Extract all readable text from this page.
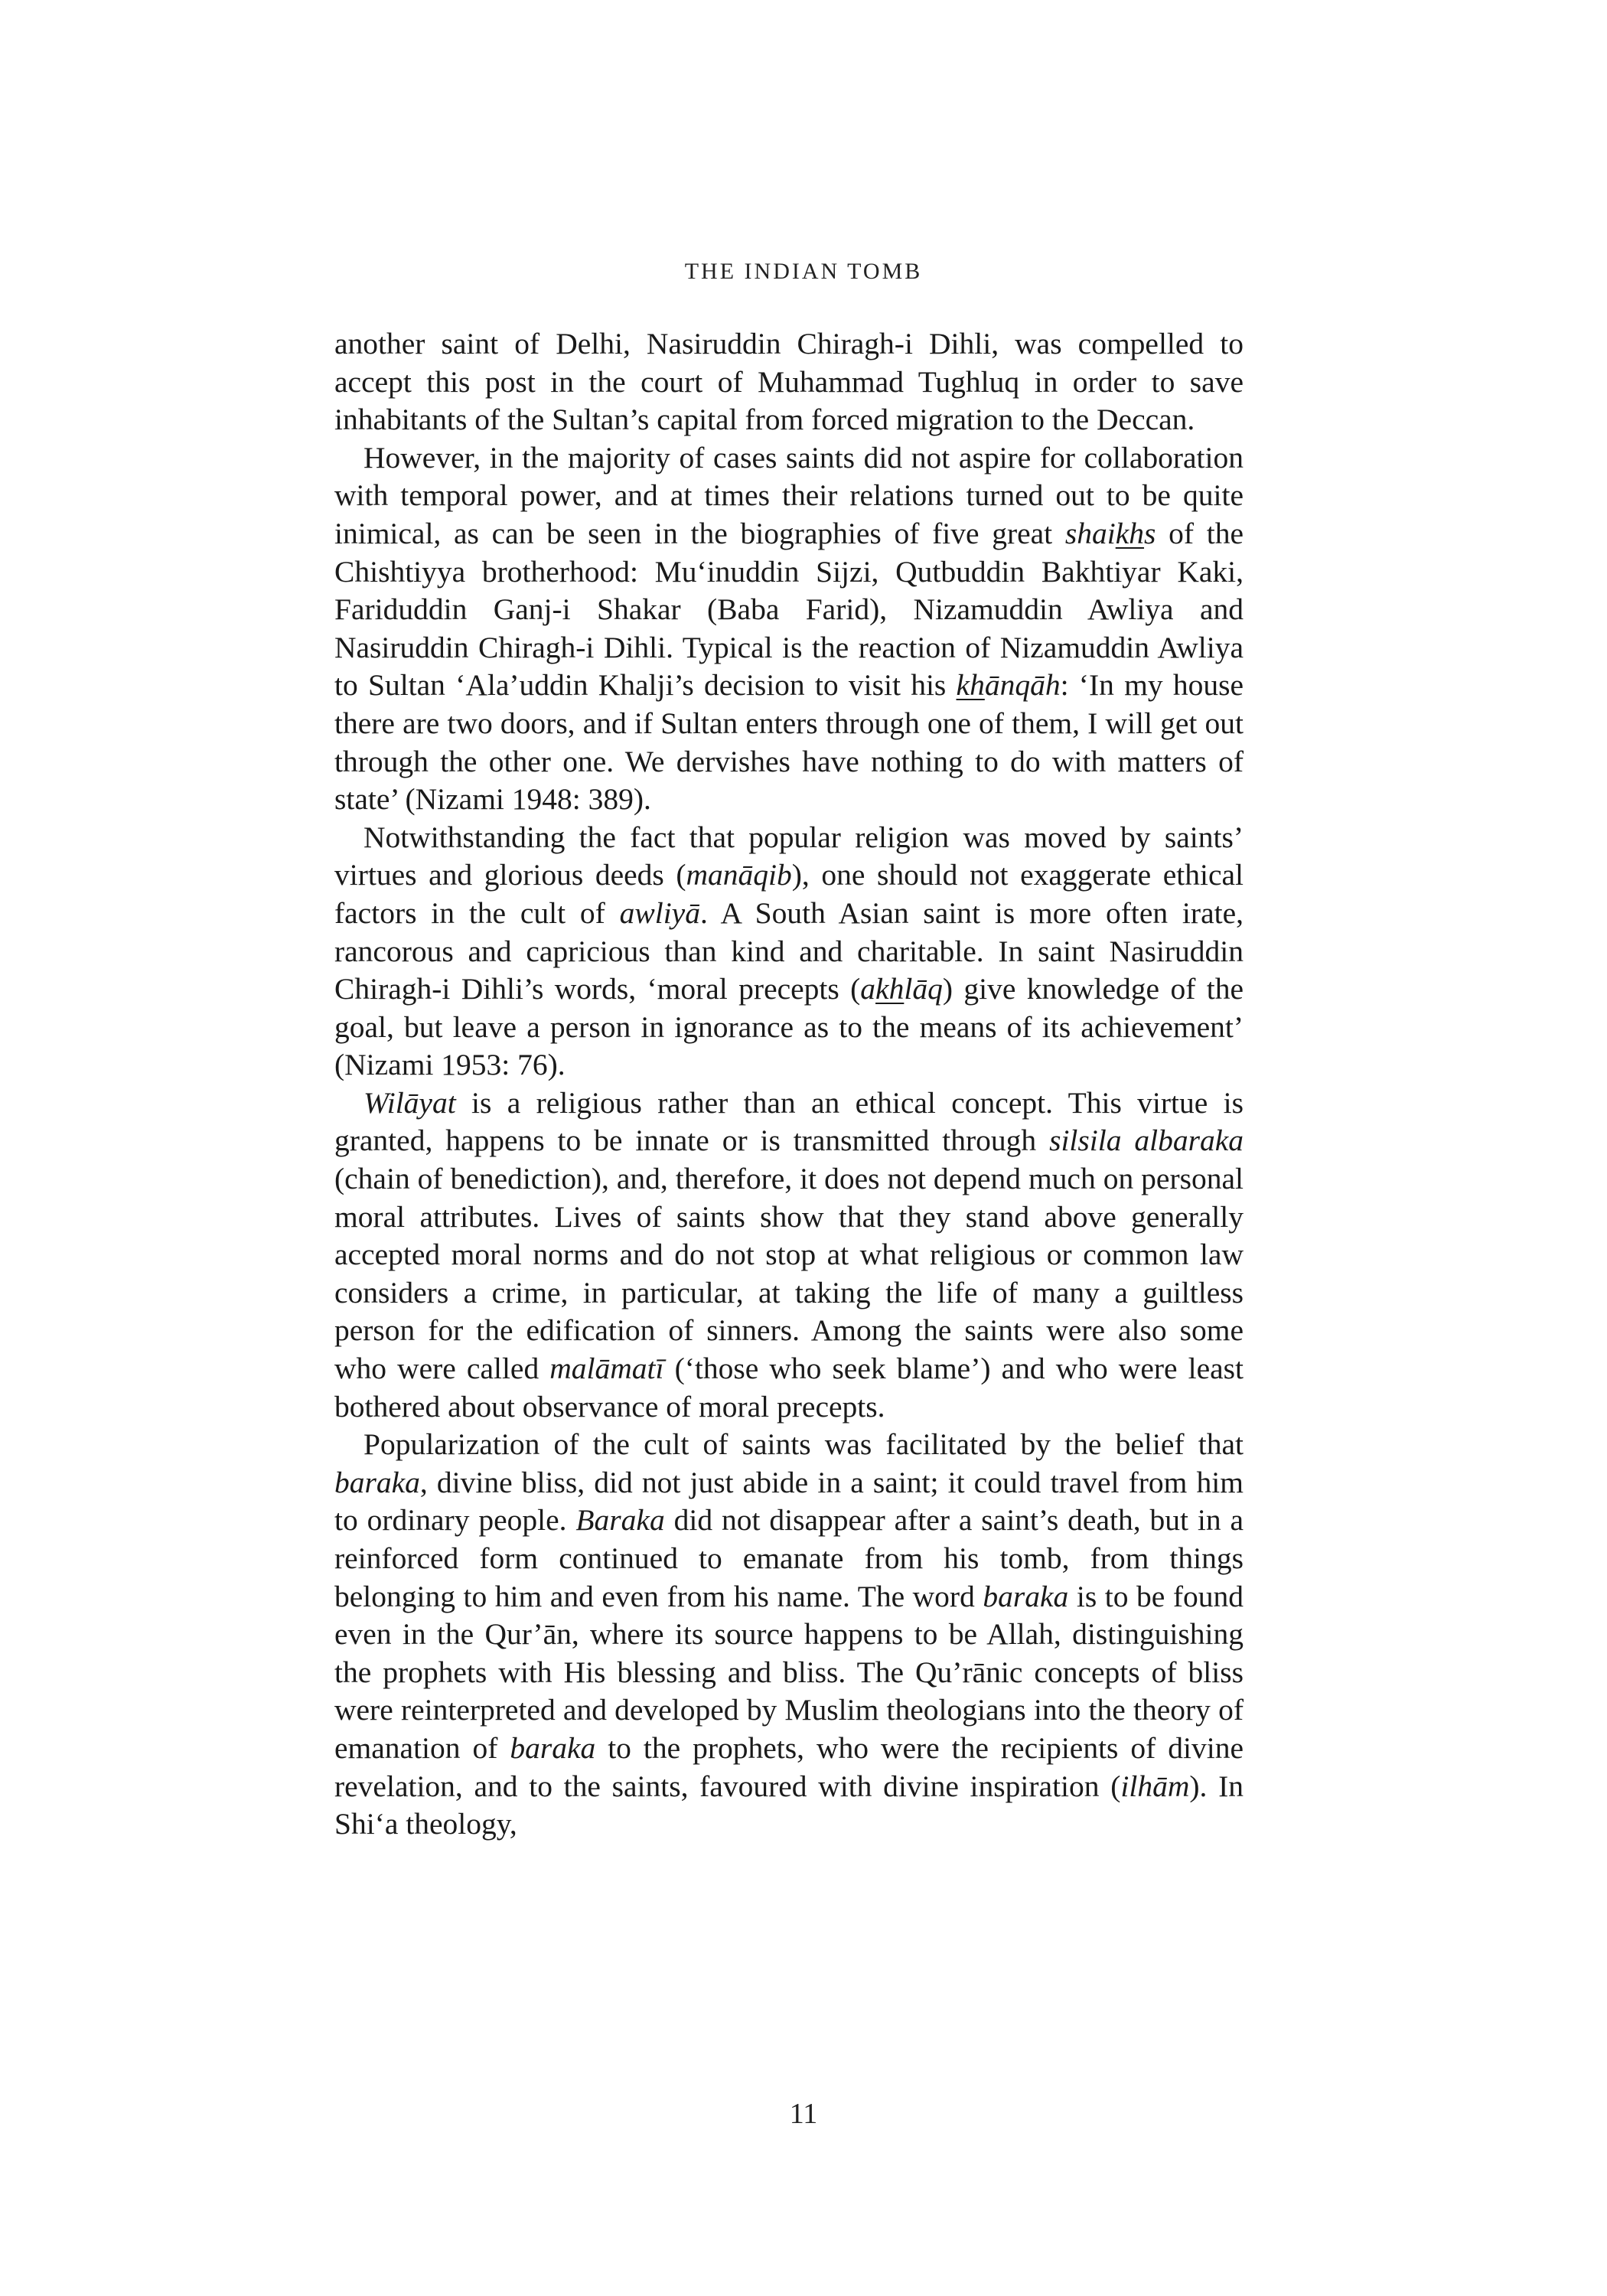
THE INDIAN TOMB

another saint of Delhi, Nasiruddin Chiragh-i Dihli, was compelled to accept this post in the court of Muhammad Tughluq in order to save inhabitants of the Sultan’s capital from forced migration to the Deccan.

However, in the majority of cases saints did not aspire for collaboration with temporal power, and at times their relations turned out to be quite inimical, as can be seen in the biographies of five great shaikhs of the Chishtiyya brotherhood: Mu‘inuddin Sijzi, Qutbuddin Bakhtiyar Kaki, Fariduddin Ganj-i Shakar (Baba Farid), Nizamuddin Awliya and Nasiruddin Chiragh-i Dihli. Typical is the reaction of Nizamuddin Awliya to Sultan ‘Ala’uddin Khalji’s decision to visit his khānqāh: ‘In my house there are two doors, and if Sultan enters through one of them, I will get out through the other one. We dervishes have nothing to do with matters of state’ (Nizami 1948: 389).

Notwithstanding the fact that popular religion was moved by saints’ virtues and glorious deeds (manāqib), one should not exaggerate ethical factors in the cult of awliyā. A South Asian saint is more often irate, rancorous and capricious than kind and charitable. In saint Nasiruddin Chiragh-i Dihli’s words, ‘moral precepts (akhlāq) give knowledge of the goal, but leave a person in ignorance as to the means of its achievement’ (Nizami 1953: 76).

Wilāyat is a religious rather than an ethical concept. This virtue is granted, happens to be innate or is transmitted through silsila albaraka (chain of benediction), and, therefore, it does not depend much on personal moral attributes. Lives of saints show that they stand above generally accepted moral norms and do not stop at what religious or common law considers a crime, in particular, at taking the life of many a guiltless person for the edification of sinners. Among the saints were also some who were called malāmatī (‘those who seek blame’) and who were least bothered about observance of moral precepts.

Popularization of the cult of saints was facilitated by the belief that baraka, divine bliss, did not just abide in a saint; it could travel from him to ordinary people. Baraka did not disappear after a saint’s death, but in a reinforced form continued to emanate from his tomb, from things belonging to him and even from his name. The word baraka is to be found even in the Qur’ān, where its source happens to be Allah, distinguishing the prophets with His blessing and bliss. The Qu’rānic concepts of bliss were reinterpreted and developed by Muslim theologians into the theory of emanation of baraka to the prophets, who were the recipients of divine revelation, and to the saints, favoured with divine inspiration (ilhām). In Shi‘a theology,

11
